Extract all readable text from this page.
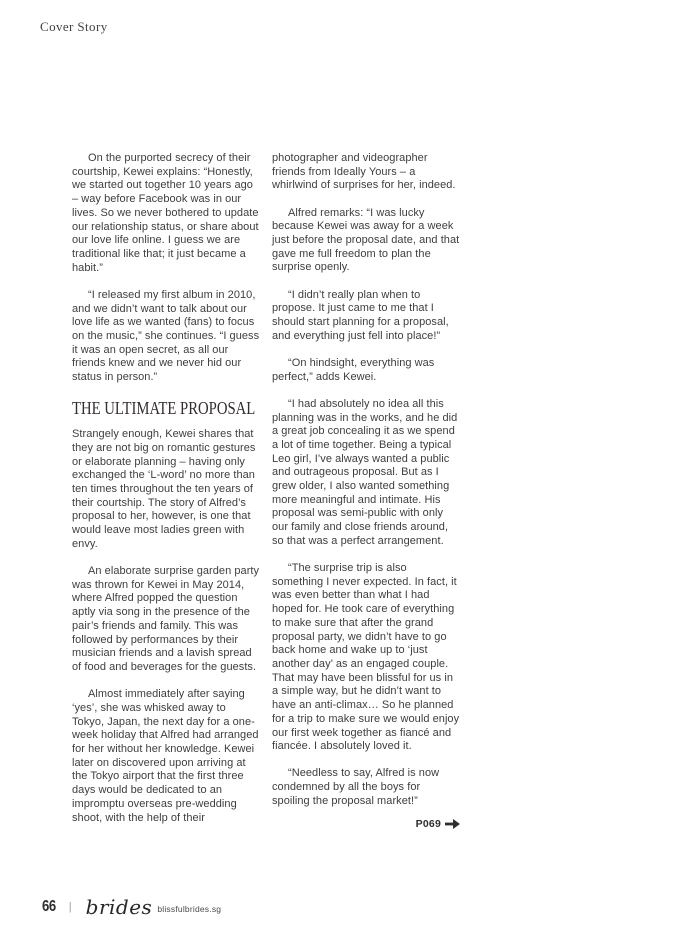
Cover Story

On the purported secrecy of their courtship, Kewei explains: “Honestly, we started out together 10 years ago – way before Facebook was in our lives. So we never bothered to update our relationship status, or share about our love life online. I guess we are traditional like that; it just became a habit.”

“I released my first album in 2010, and we didn’t want to talk about our love life as we wanted (fans) to focus on the music,” she continues. “I guess it was an open secret, as all our friends knew and we never hid our status in person.”

THE ULTIMATE PROPOSAL

Strangely enough, Kewei shares that they are not big on romantic gestures or elaborate planning – having only exchanged the ‘L-word’ no more than ten times throughout the ten years of their courtship. The story of Alfred’s proposal to her, however, is one that would leave most ladies green with envy.

An elaborate surprise garden party was thrown for Kewei in May 2014, where Alfred popped the question aptly via song in the presence of the pair’s friends and family. This was followed by performances by their musician friends and a lavish spread of food and beverages for the guests.

Almost immediately after saying ‘yes’, she was whisked away to Tokyo, Japan, the next day for a one-week holiday that Alfred had arranged for her without her knowledge. Kewei later on discovered upon arriving at the Tokyo airport that the first three days would be dedicated to an impromptu overseas pre-wedding shoot, with the help of their

photographer and videographer friends from Ideally Yours – a whirlwind of surprises for her, indeed.

Alfred remarks: “I was lucky because Kewei was away for a week just before the proposal date, and that gave me full freedom to plan the surprise openly.

“I didn’t really plan when to propose. It just came to me that I should start planning for a proposal, and everything just fell into place!”

“On hindsight, everything was perfect,” adds Kewei.

“I had absolutely no idea all this planning was in the works, and he did a great job concealing it as we spend a lot of time together. Being a typical Leo girl, I’ve always wanted a public and outrageous proposal. But as I grew older, I also wanted something more meaningful and intimate. His proposal was semi-public with only our family and close friends around, so that was a perfect arrangement.

“The surprise trip is also something I never expected. In fact, it was even better than what I had hoped for. He took care of everything to make sure that after the grand proposal party, we didn’t have to go back home and wake up to ‘just another day’ as an engaged couple. That may have been blissful for us in a simple way, but he didn’t want to have an anti-climax… So he planned for a trip to make sure we would enjoy our first week together as fiancé and fiancée. I absolutely loved it.

“Needless to say, Alfred is now condemned by all the boys for spoiling the proposal market!”

P069
66 | brides blissfulbrides.sg
